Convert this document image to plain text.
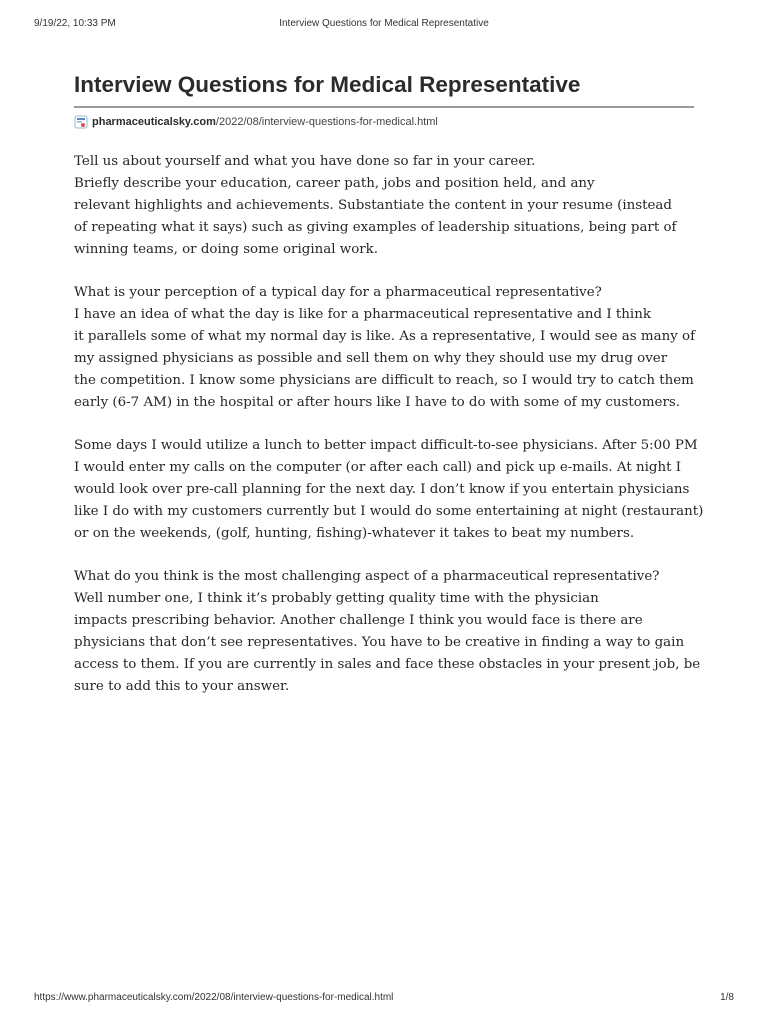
9/19/22, 10:33 PM	Interview Questions for Medical Representative
Interview Questions for Medical Representative
pharmaceuticalsky.com /2022/08/interview-questions-for-medical.html
Tell us about yourself and what you have done so far in your career.
Briefly describe your education, career path, jobs and position held, and any
relevant highlights and achievements. Substantiate the content in your resume (instead
of repeating what it says) such as giving examples of leadership situations, being part of
winning teams, or doing some original work.
What is your perception of a typical day for a pharmaceutical representative?
I have an idea of what the day is like for a pharmaceutical representative and I think
it parallels some of what my normal day is like. As a representative, I would see as many of
my assigned physicians as possible and sell them on why they should use my drug over
the competition. I know some physicians are difficult to reach, so I would try to catch them
early (6-7 AM) in the hospital or after hours like I have to do with some of my customers.
Some days I would utilize a lunch to better impact difficult-to-see physicians. After 5:00 PM
I would enter my calls on the computer (or after each call) and pick up e-mails. At night I
would look over pre-call planning for the next day. I don’t know if you entertain physicians
like I do with my customers currently but I would do some entertaining at night (restaurant)
or on the weekends, (golf, hunting, fishing)-whatever it takes to beat my numbers.
What do you think is the most challenging aspect of a pharmaceutical representative?
Well number one, I think it’s probably getting quality time with the physician
impacts prescribing behavior. Another challenge I think you would face is there are
physicians that don’t see representatives. You have to be creative in finding a way to gain
access to them. If you are currently in sales and face these obstacles in your present job, be
sure to add this to your answer.
https://www.pharmaceuticalsky.com/2022/08/interview-questions-for-medical.html	1/8
